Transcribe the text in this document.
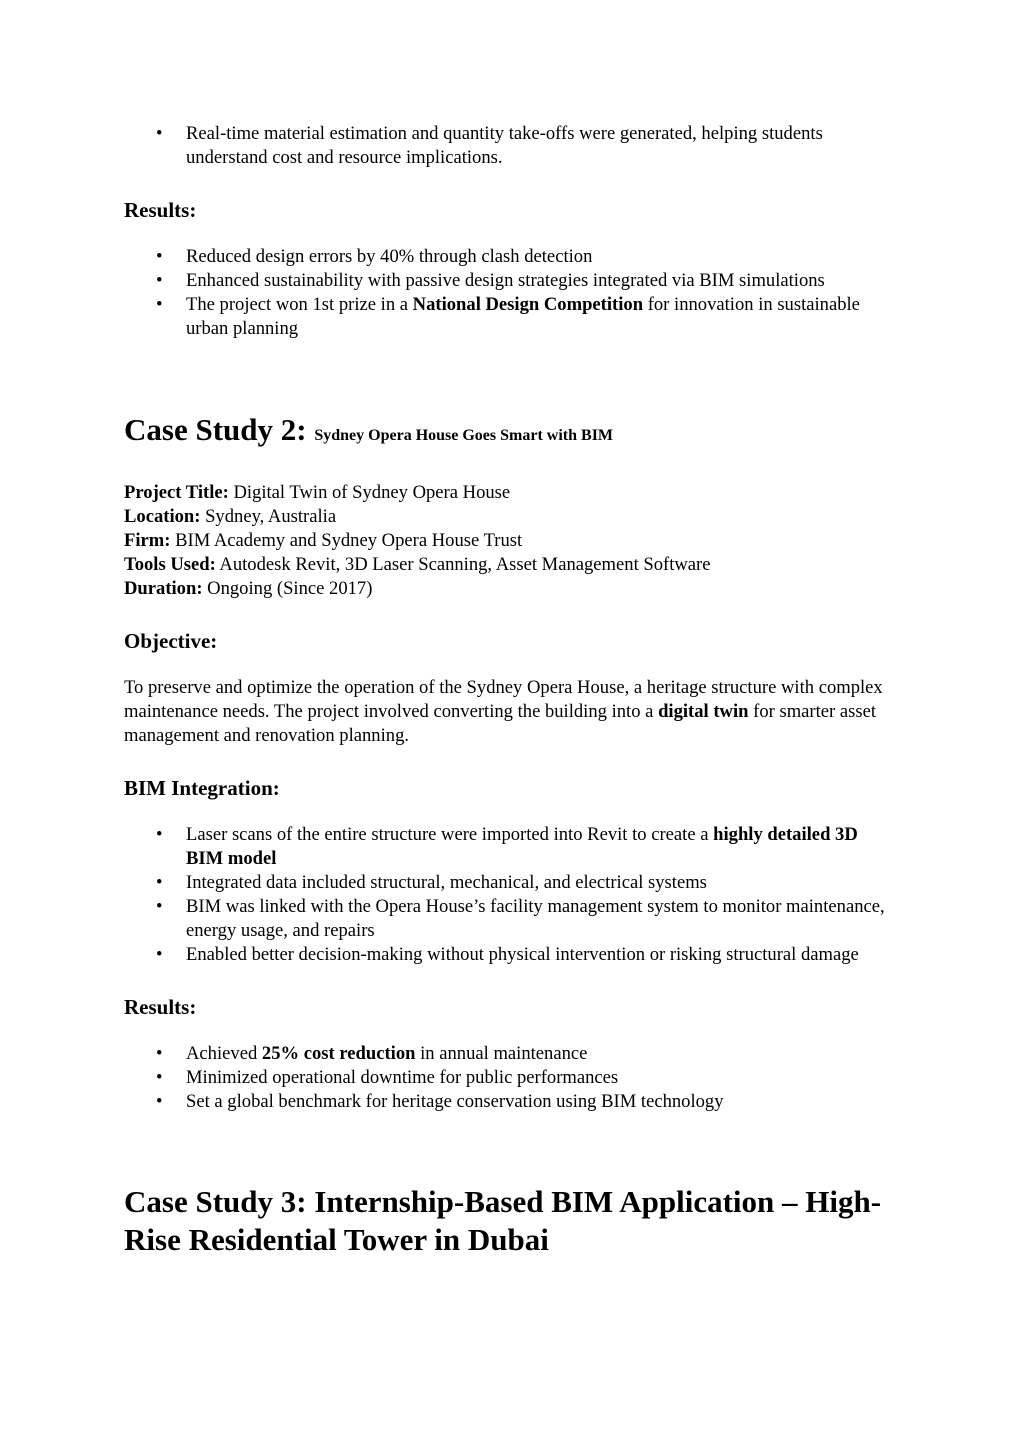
• Real-time material estimation and quantity take-offs were generated, helping students understand cost and resource implications.
Results:
• Reduced design errors by 40% through clash detection
• Enhanced sustainability with passive design strategies integrated via BIM simulations
• The project won 1st prize in a National Design Competition for innovation in sustainable urban planning
Case Study 2: Sydney Opera House Goes Smart with BIM
Project Title: Digital Twin of Sydney Opera House
Location: Sydney, Australia
Firm: BIM Academy and Sydney Opera House Trust
Tools Used: Autodesk Revit, 3D Laser Scanning, Asset Management Software
Duration: Ongoing (Since 2017)
Objective:

To preserve and optimize the operation of the Sydney Opera House, a heritage structure with complex maintenance needs. The project involved converting the building into a digital twin for smarter asset management and renovation planning.

BIM Integration:
• Laser scans of the entire structure were imported into Revit to create a highly detailed 3D BIM model
• Integrated data included structural, mechanical, and electrical systems
• BIM was linked with the Opera House’s facility management system to monitor maintenance, energy usage, and repairs
• Enabled better decision-making without physical intervention or risking structural damage
Results:
• Achieved 25% cost reduction in annual maintenance
• Minimized operational downtime for public performances
• Set a global benchmark for heritage conservation using BIM technology
Case Study 3: Internship-Based BIM Application – High-Rise Residential Tower in Dubai
